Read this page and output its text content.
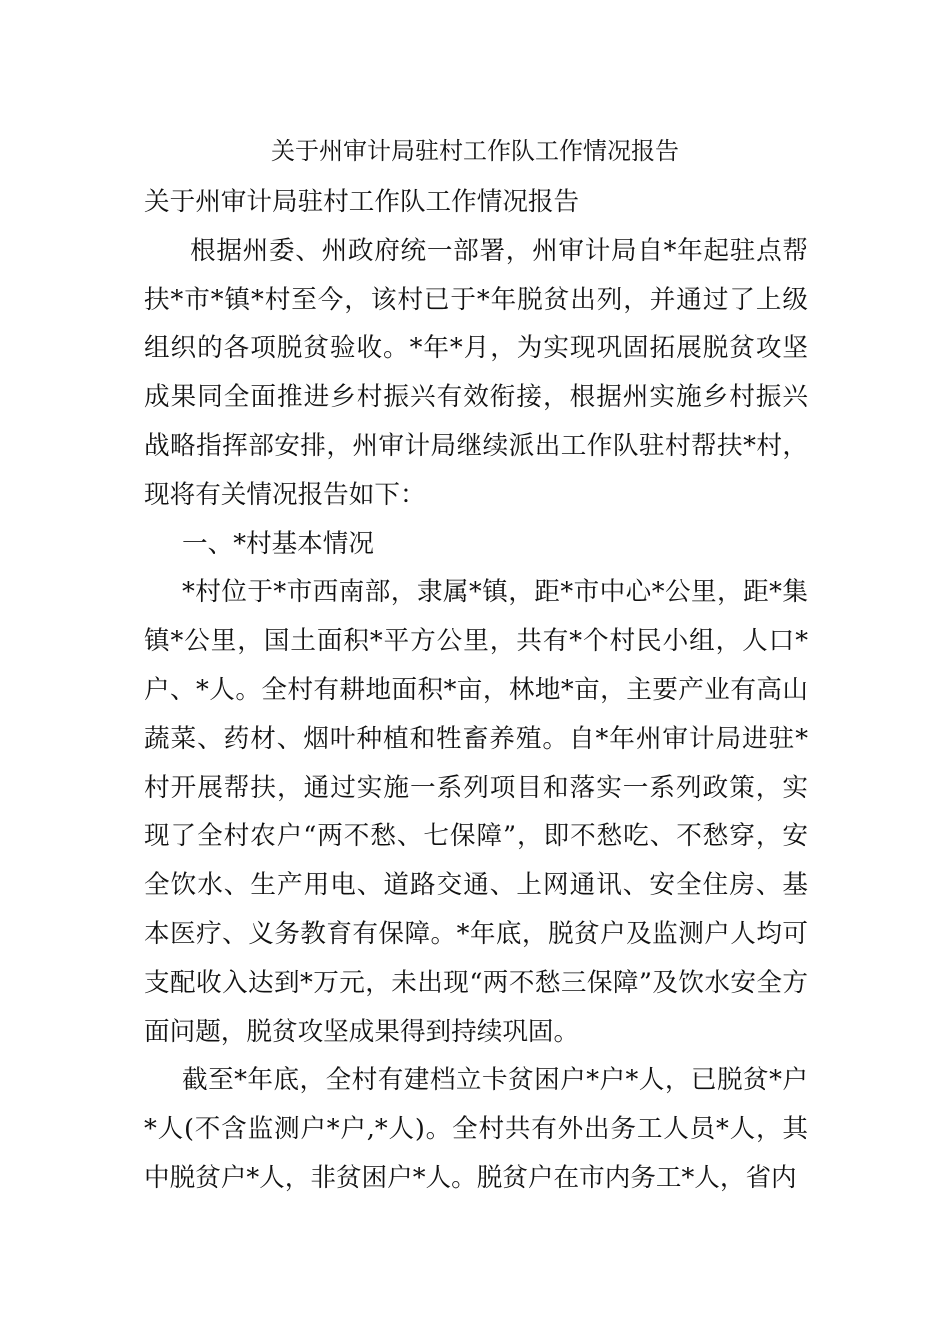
关于州审计局驻村工作队工作情况报告

关于州审计局驻村工作队工作情况报告

根据州委、州政府统一部署，州审计局自*年起驻点帮扶*市*镇*村至今，该村已于*年脱贫出列，并通过了上级组织的各项脱贫验收。*年*月，为实现巩固拓展脱贫攻坚成果同全面推进乡村振兴有效衔接，根据州实施乡村振兴战略指挥部安排，州审计局继续派出工作队驻村帮扶*村，现将有关情况报告如下：

一、*村基本情况

*村位于*市西南部，隶属*镇，距*市中心*公里，距*集镇*公里，国土面积*平方公里，共有*个村民小组，人口*户、*人。全村有耕地面积*亩，林地*亩，主要产业有高山蔬菜、药材、烟叶种植和牲畜养殖。自*年州审计局进驻*村开展帮扶，通过实施一系列项目和落实一系列政策，实现了全村农户“两不愁、七保障”，即不愁吃、不愁穿，安全饮水、生产用电、道路交通、上网通讯、安全住房、基本医疗、义务教育有保障。*年底，脱贫户及监测户人均可支配收入达到*万元，未出现“两不愁三保障”及饮水安全方面问题，脱贫攻坚成果得到持续巩固。

截至*年底，全村有建档立卡贫困户*户*人，已脱贫*户*人(不含监测户*户,*人)。全村共有外出务工人员*人，其中脱贫户*人，非贫困户*人。脱贫户在市内务工*人，省内
